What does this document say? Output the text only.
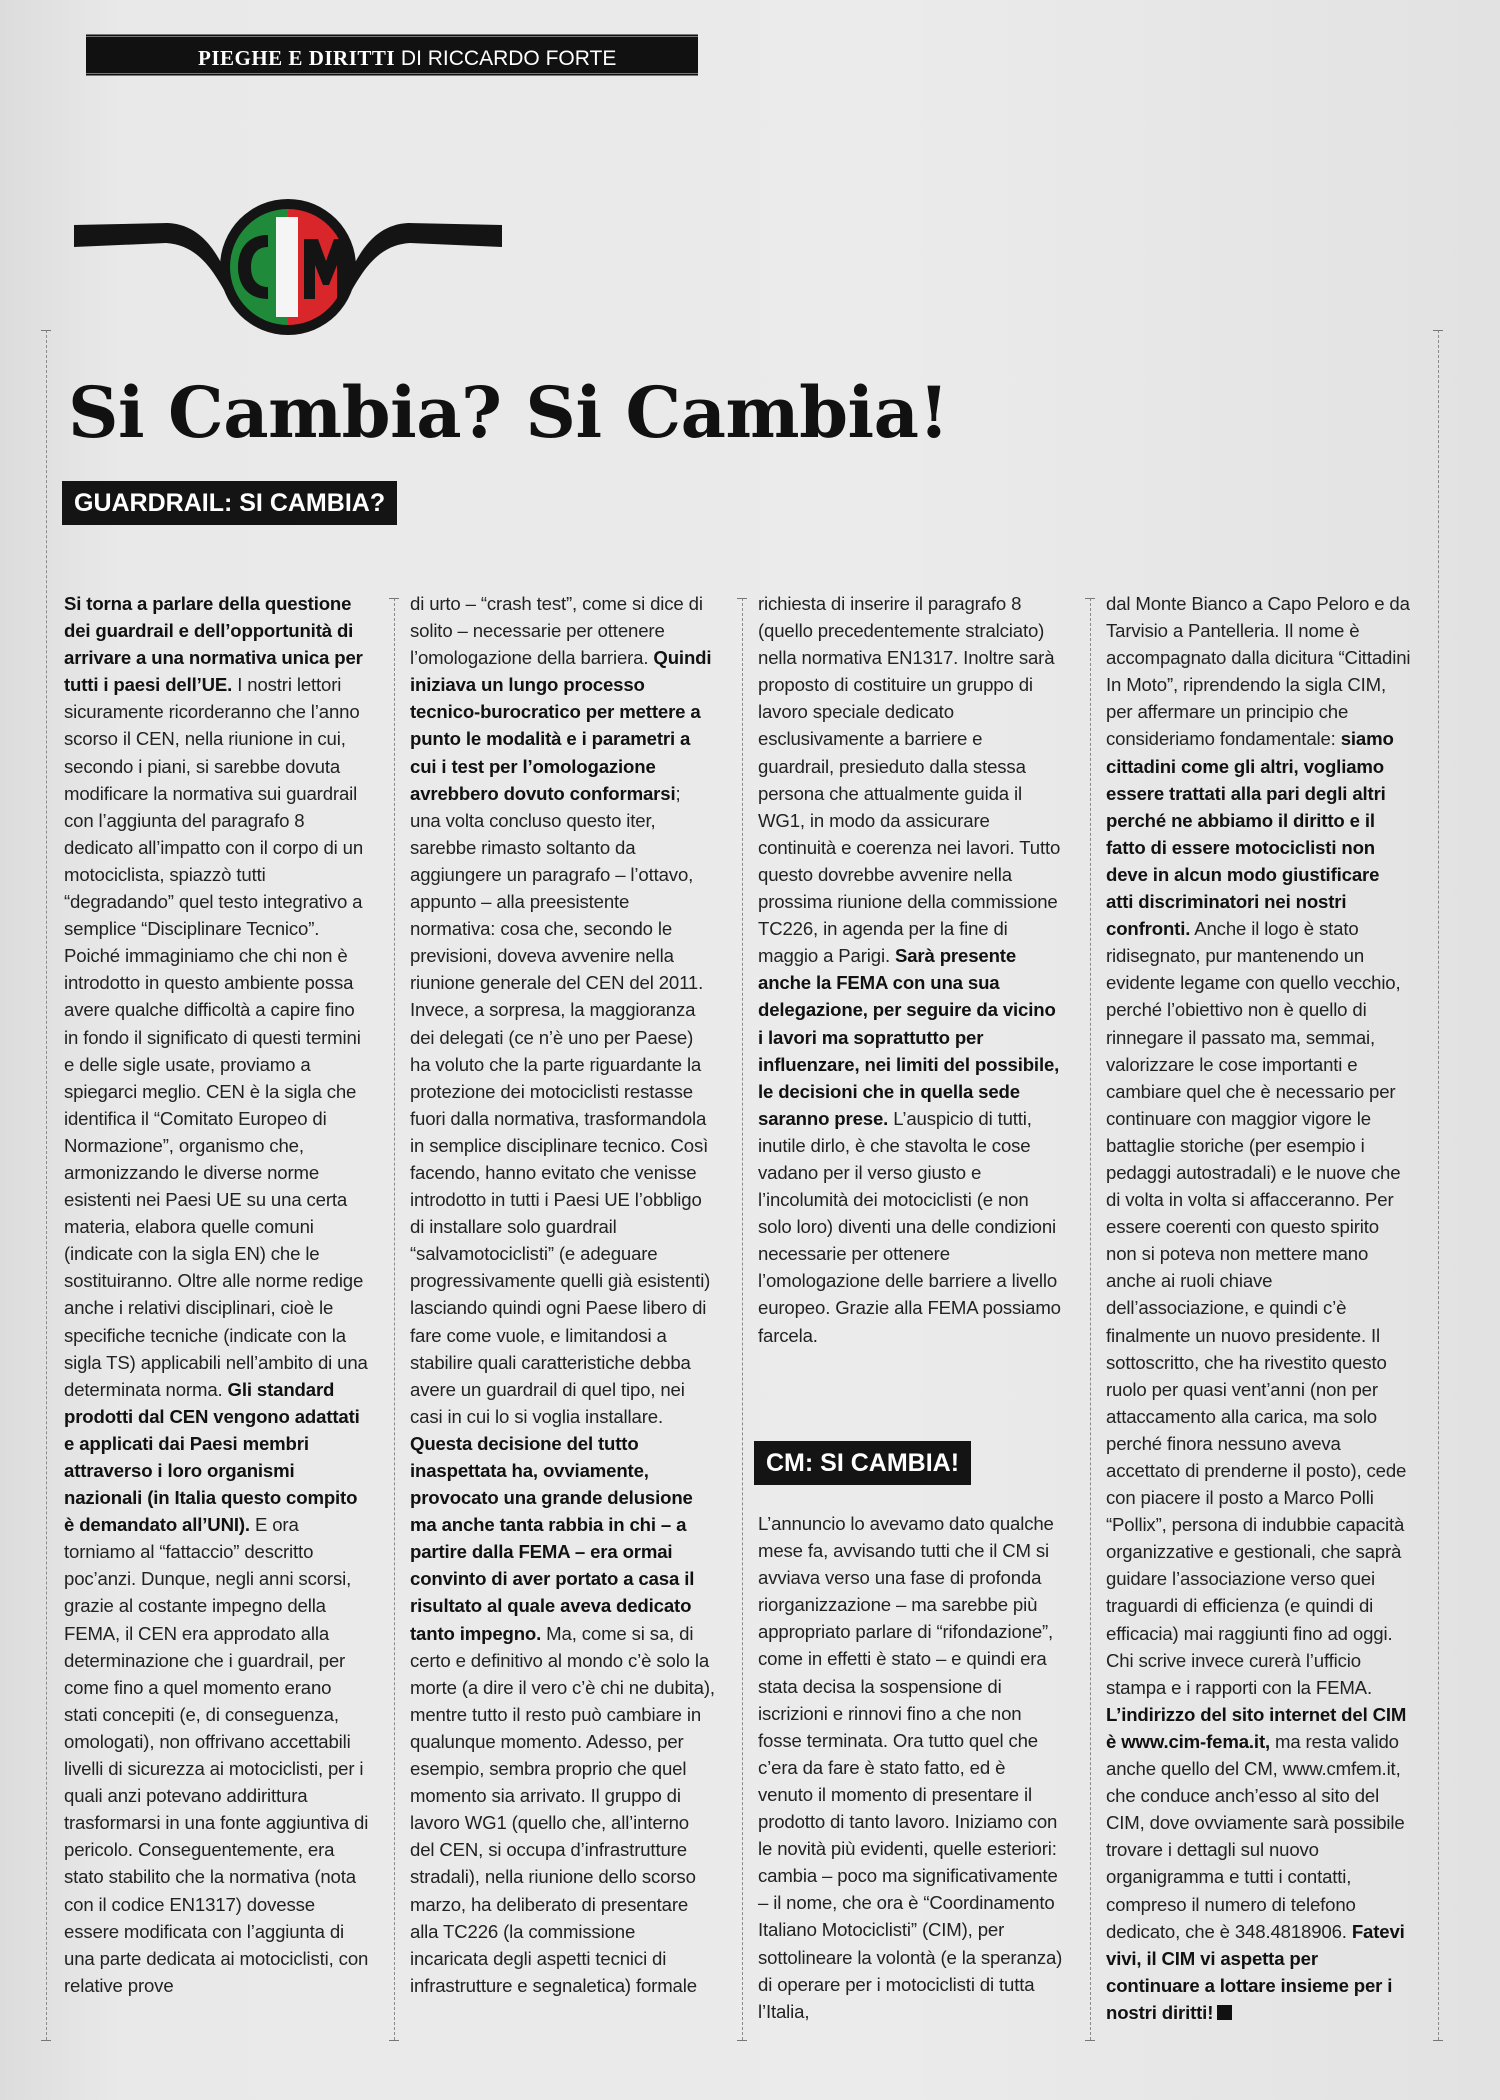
PIEGHE E DIRITTI DI RICCARDO FORTE
Si Cambia? Si Cambia!
GUARDRAIL: SI CAMBIA?

Si torna a parlare della questione dei guardrail e dell’opportunità di arrivare a una normativa unica per tutti i paesi dell’UE. I nostri lettori sicuramente ricorderanno che l’anno scorso il CEN, nella riunione in cui, secondo i piani, si sarebbe dovuta modificare la normativa sui guardrail con l’aggiunta del paragrafo 8 dedicato all’impatto con il corpo di un motociclista, spiazzò tutti “degradando” quel testo integrativo a semplice “Disciplinare Tecnico”. Poiché immaginiamo che chi non è introdotto in questo ambiente possa avere qualche difficoltà a capire fino in fondo il significato di questi termini e delle sigle usate, proviamo a spiegarci meglio. CEN è la sigla che identifica il “Comitato Europeo di Normazione”, organismo che, armonizzando le diverse norme esistenti nei Paesi UE su una certa materia, elabora quelle comuni (indicate con la sigla EN) che le sostituiranno. Oltre alle norme redige anche i relativi disciplinari, cioè le specifiche tecniche (indicate con la sigla TS) applicabili nell’ambito di una determinata norma. Gli standard prodotti dal CEN vengono adattati e applicati dai Paesi membri attraverso i loro organismi nazionali (in Italia questo compito è demandato all’UNI). E ora torniamo al “fattaccio” descritto poc’anzi. Dunque, negli anni scorsi, grazie al costante impegno della FEMA, il CEN era approdato alla determinazione che i guardrail, per come fino a quel momento erano stati concepiti (e, di conseguenza, omologati), non offrivano accettabili livelli di sicurezza ai motociclisti, per i quali anzi potevano addirittura trasformarsi in una fonte aggiuntiva di pericolo. Conseguentemente, era stato stabilito che la normativa (nota con il codice EN1317) dovesse essere modificata con l’aggiunta di una parte dedicata ai motociclisti, con relative prove

di urto – “crash test”, come si dice di solito – necessarie per ottenere l’omologazione della barriera. Quindi iniziava un lungo processo tecnico-burocratico per mettere a punto le modalità e i parametri a cui i test per l’omologazione avrebbero dovuto conformarsi; una volta concluso questo iter, sarebbe rimasto soltanto da aggiungere un paragrafo – l’ottavo, appunto – alla preesistente normativa: cosa che, secondo le previsioni, doveva avvenire nella riunione generale del CEN del 2011. Invece, a sorpresa, la maggioranza dei delegati (ce n’è uno per Paese) ha voluto che la parte riguardante la protezione dei motociclisti restasse fuori dalla normativa, trasformandola in semplice disciplinare tecnico. Così facendo, hanno evitato che venisse introdotto in tutti i Paesi UE l’obbligo di installare solo guardrail “salvamotociclisti” (e adeguare progressivamente quelli già esistenti) lasciando quindi ogni Paese libero di fare come vuole, e limitandosi a stabilire quali caratteristiche debba avere un guardrail di quel tipo, nei casi in cui lo si voglia installare. Questa decisione del tutto inaspettata ha, ovviamente, provocato una grande delusione ma anche tanta rabbia in chi – a partire dalla FEMA – era ormai convinto di aver portato a casa il risultato al quale aveva dedicato tanto impegno. Ma, come si sa, di certo e definitivo al mondo c’è solo la morte (a dire il vero c’è chi ne dubita), mentre tutto il resto può cambiare in qualunque momento. Adesso, per esempio, sembra proprio che quel momento sia arrivato. Il gruppo di lavoro WG1 (quello che, all’interno del CEN, si occupa d’infrastrutture stradali), nella riunione dello scorso marzo, ha deliberato di presentare alla TC226 (la commissione incaricata degli aspetti tecnici di infrastrutture e segnaletica) formale

richiesta di inserire il paragrafo 8 (quello precedentemente stralciato) nella normativa EN1317. Inoltre sarà proposto di costituire un gruppo di lavoro speciale dedicato esclusivamente a barriere e guardrail, presieduto dalla stessa persona che attualmente guida il WG1, in modo da assicurare continuità e coerenza nei lavori. Tutto questo dovrebbe avvenire nella prossima riunione della commissione TC226, in agenda per la fine di maggio a Parigi. Sarà presente anche la FEMA con una sua delegazione, per seguire da vicino i lavori ma soprattutto per influenzare, nei limiti del possibile, le decisioni che in quella sede saranno prese. L’auspicio di tutti, inutile dirlo, è che stavolta le cose vadano per il verso giusto e l’incolumità dei motociclisti (e non solo loro) diventi una delle condizioni necessarie per ottenere l’omologazione delle barriere a livello europeo. Grazie alla FEMA possiamo farcela.

CM: SI CAMBIA!

L’annuncio lo avevamo dato qualche mese fa, avvisando tutti che il CM si avviava verso una fase di profonda riorganizzazione – ma sarebbe più appropriato parlare di “rifondazione”, come in effetti è stato – e quindi era stata decisa la sospensione di iscrizioni e rinnovi fino a che non fosse terminata. Ora tutto quel che c’era da fare è stato fatto, ed è venuto il momento di presentare il prodotto di tanto lavoro. Iniziamo con le novità più evidenti, quelle esteriori: cambia – poco ma significativamente – il nome, che ora è “Coordinamento Italiano Motociclisti” (CIM), per sottolineare la volontà (e la speranza) di operare per i motociclisti di tutta l’Italia,

dal Monte Bianco a Capo Peloro e da Tarvisio a Pantelleria. Il nome è accompagnato dalla dicitura “Cittadini In Moto”, riprendendo la sigla CIM, per affermare un principio che consideriamo fondamentale: siamo cittadini come gli altri, vogliamo essere trattati alla pari degli altri perché ne abbiamo il diritto e il fatto di essere motociclisti non deve in alcun modo giustificare atti discriminatori nei nostri confronti. Anche il logo è stato ridisegnato, pur mantenendo un evidente legame con quello vecchio, perché l’obiettivo non è quello di rinnegare il passato ma, semmai, valorizzare le cose importanti e cambiare quel che è necessario per continuare con maggior vigore le battaglie storiche (per esempio i pedaggi autostradali) e le nuove che di volta in volta si affacceranno. Per essere coerenti con questo spirito non si poteva non mettere mano anche ai ruoli chiave dell’associazione, e quindi c’è finalmente un nuovo presidente. Il sottoscritto, che ha rivestito questo ruolo per quasi vent’anni (non per attaccamento alla carica, ma solo perché finora nessuno aveva accettato di prenderne il posto), cede con piacere il posto a Marco Polli “Pollix”, persona di indubbie capacità organizzative e gestionali, che saprà guidare l’associazione verso quei traguardi di efficienza (e quindi di efficacia) mai raggiunti fino ad oggi. Chi scrive invece curerà l’ufficio stampa e i rapporti con la FEMA. L’indirizzo del sito internet del CIM è www.cim-fema.it, ma resta valido anche quello del CM, www.cmfem.it, che conduce anch’esso al sito del CIM, dove ovviamente sarà possibile trovare i dettagli sul nuovo organigramma e tutti i contatti, compreso il numero di telefono dedicato, che è 348.4818906. Fatevi vivi, il CIM vi aspetta per continuare a lottare insieme per i nostri diritti!
